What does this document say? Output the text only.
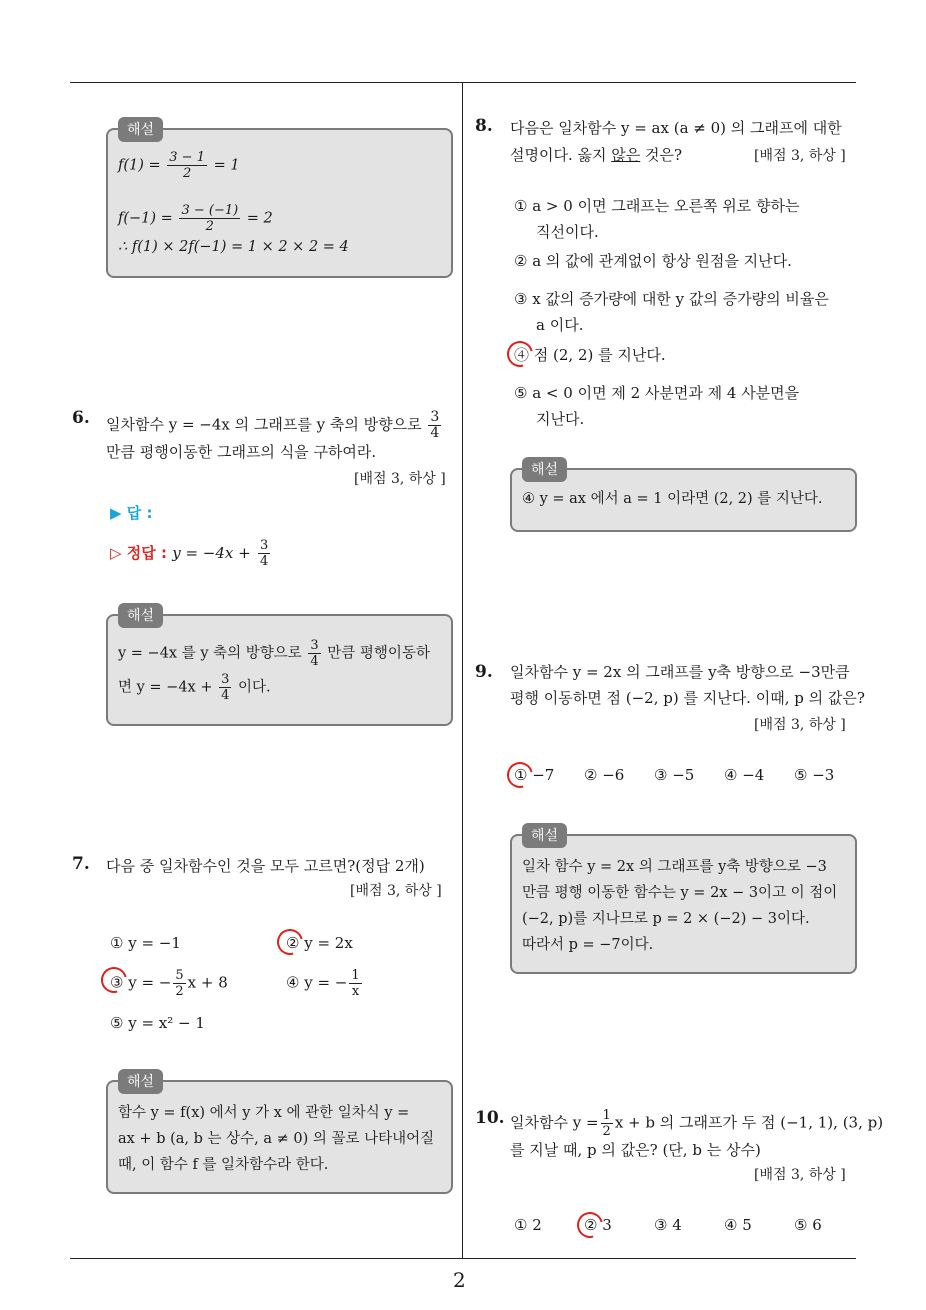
해설
$f(1) = \frac{3 - 1}{2} = 1$
$f(-1) = \frac{3 - (-1)}{2} = 2$
∴ f(1) × 2f(−1) = 1 × 2 × 2 = 4
6. 일차함수 y = −4x 의 그래프를 y 축의 방향으로 $\frac{3}{4}$
만큼 평행이동한 그래프의 식을 구하여라.
[배점 3, 하상 ]
▶ 답 :
▷ 정답 : $y = -4x + \frac{3}{4}$
해설
y = −4x 를 y 축의 방향으로 $\frac{3}{4}$ 만큼 평행이동하
면 $y = -4x + \frac{3}{4}$ 이다.
7. 다음 중 일차함수인 것을 모두 고르면?(정답 2개)
[배점 3, 하상 ]
① y = −1	② y = 2x
③ y = − $\frac{5}{2}$ x + 8	④ y = − $\frac{1}{x}$
⑤ y = x² − 1
해설
함수 y = f(x) 에서 y 가 x 에 관한 일차식 y =
ax + b (a, b 는 상수, a ≠ 0) 의 꼴로 나타내어질
때, 이 함수 f 를 일차함수라 한다.
8. 다음은 일차함수 y = ax (a ≠ 0) 의 그래프에 대한
설명이다. 옳지 않은 것은?	[배점 3, 하상 ]
① a > 0 이면 그래프는 오른쪽 위로 향하는
직선이다.
② a 의 값에 관계없이 항상 원점을 지난다.
③ x 값의 증가량에 대한 y 값의 증가량의 비율은
a 이다.
④ 점 (2, 2) 를 지난다.
⑤ a < 0 이면 제 2 사분면과 제 4 사분면을
지난다.
해설
④ y = ax 에서 a = 1 이라면 (2, 2) 를 지난다.
9. 일차함수 y = 2x 의 그래프를 y축 방향으로 −3만큼
평행 이동하면 점 (−2, p) 를 지난다. 이때, p 의 값은?
[배점 3, 하상 ]
① −7 ② −6 ③ −5 ④ −4 ⑤ −3
해설
일차 함수 y = 2x 의 그래프를 y축 방향으로 −3
만큼 평행 이동한 함수는 y = 2x − 3이고 이 점이
(−2, p)를 지나므로 p = 2 × (−2) − 3이다.
따라서 p = −7이다.
10. 일차함수 $y = \frac{1}{2}$ x + b 의 그래프가 두 점 (−1, 1), (3, p)
를 지날 때, p 의 값은? (단, b 는 상수)
[배점 3, 하상 ]
① 2	② 3	③ 4	④ 5	⑤ 6
2
